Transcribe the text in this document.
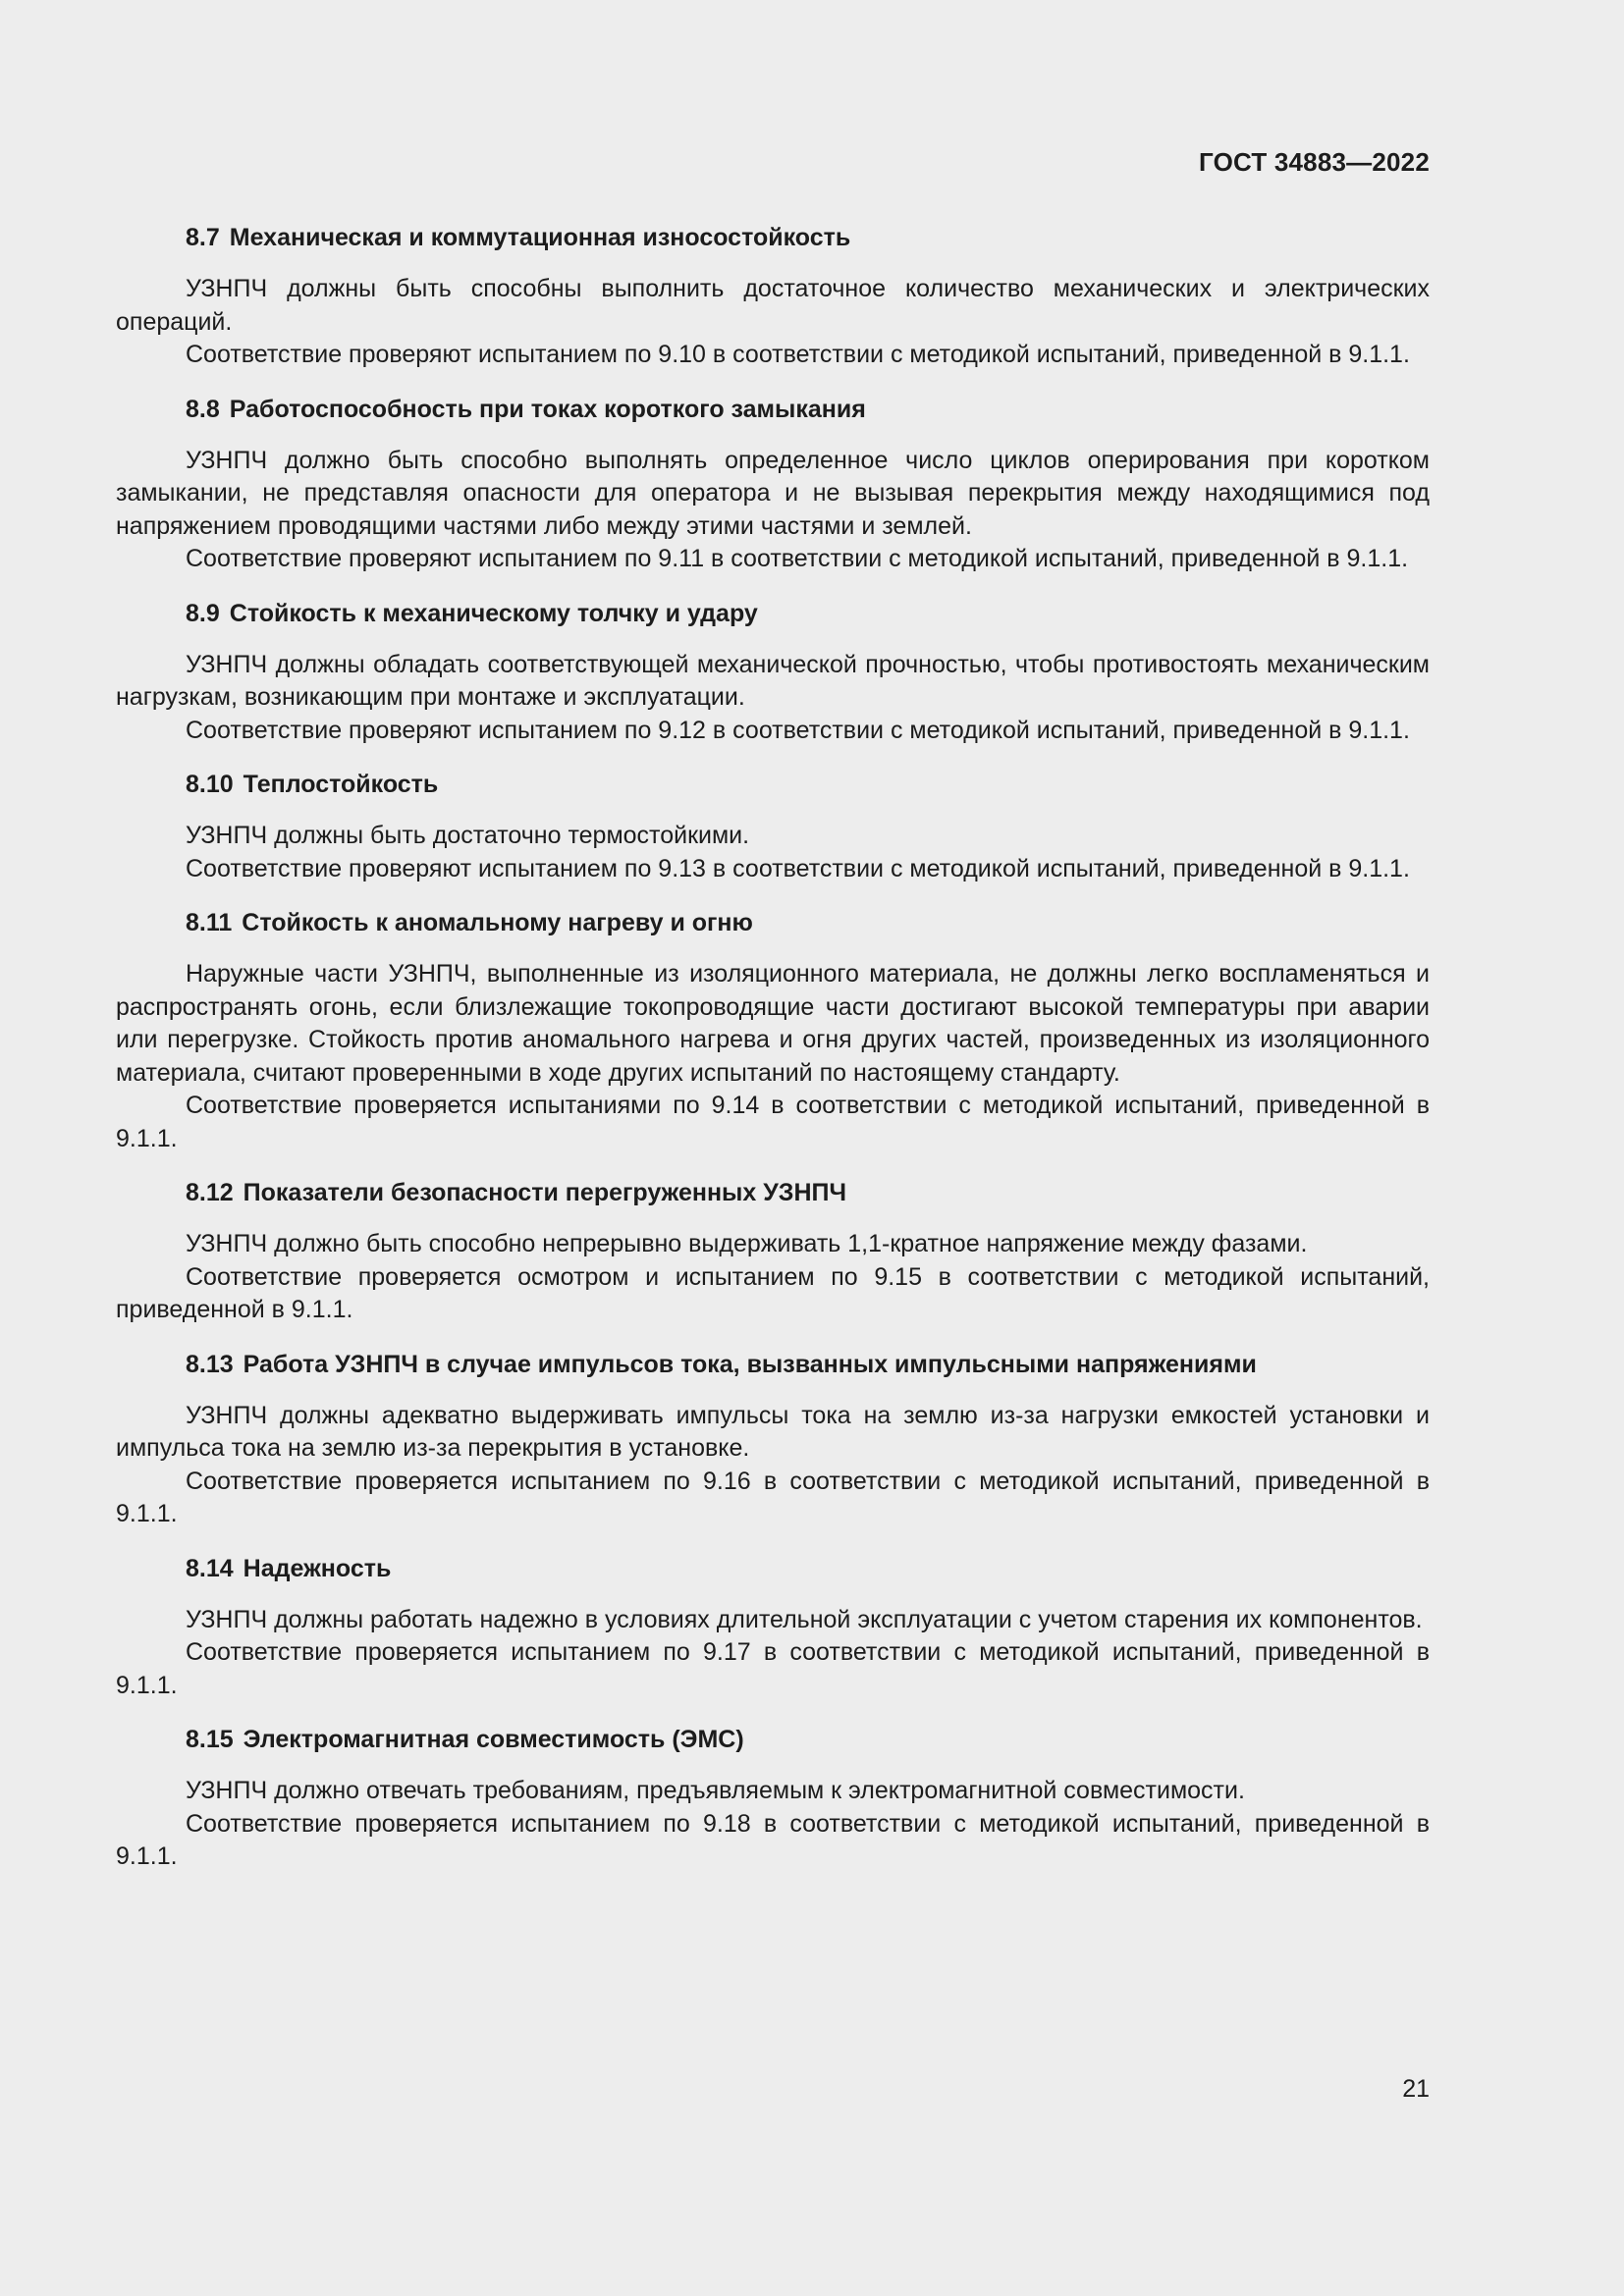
ГОСТ 34883—2022
8.7 Механическая и коммутационная износостойкость

УЗНПЧ должны быть способны выполнить достаточное количество механических и электрических операций.

Соответствие проверяют испытанием по 9.10 в соответствии с методикой испытаний, приведенной в 9.1.1.

8.8 Работоспособность при токах короткого замыкания

УЗНПЧ должно быть способно выполнять определенное число циклов оперирования при коротком замыкании, не представляя опасности для оператора и не вызывая перекрытия между находящимися под напряжением проводящими частями либо между этими частями и землей.

Соответствие проверяют испытанием по 9.11 в соответствии с методикой испытаний, приведенной в 9.1.1.

8.9 Стойкость к механическому толчку и удару

УЗНПЧ должны обладать соответствующей механической прочностью, чтобы противостоять механическим нагрузкам, возникающим при монтаже и эксплуатации.

Соответствие проверяют испытанием по 9.12 в соответствии с методикой испытаний, приведенной в 9.1.1.

8.10 Теплостойкость

УЗНПЧ должны быть достаточно термостойкими.

Соответствие проверяют испытанием по 9.13 в соответствии с методикой испытаний, приведенной в 9.1.1.

8.11 Стойкость к аномальному нагреву и огню

Наружные части УЗНПЧ, выполненные из изоляционного материала, не должны легко воспламеняться и распространять огонь, если близлежащие токопроводящие части достигают высокой температуры при аварии или перегрузке. Стойкость против аномального нагрева и огня других частей, произведенных из изоляционного материала, считают проверенными в ходе других испытаний по настоящему стандарту.

Соответствие проверяется испытаниями по 9.14 в соответствии с методикой испытаний, приведенной в 9.1.1.

8.12 Показатели безопасности перегруженных УЗНПЧ

УЗНПЧ должно быть способно непрерывно выдерживать 1,1-кратное напряжение между фазами.

Соответствие проверяется осмотром и испытанием по 9.15 в соответствии с методикой испытаний, приведенной в 9.1.1.

8.13 Работа УЗНПЧ в случае импульсов тока, вызванных импульсными напряжениями

УЗНПЧ должны адекватно выдерживать импульсы тока на землю из-за нагрузки емкостей установки и импульса тока на землю из-за перекрытия в установке.

Соответствие проверяется испытанием по 9.16 в соответствии с методикой испытаний, приведенной в 9.1.1.

8.14 Надежность

УЗНПЧ должны работать надежно в условиях длительной эксплуатации с учетом старения их компонентов.

Соответствие проверяется испытанием по 9.17 в соответствии с методикой испытаний, приведенной в 9.1.1.

8.15 Электромагнитная совместимость (ЭМС)

УЗНПЧ должно отвечать требованиям, предъявляемым к электромагнитной совместимости.

Соответствие проверяется испытанием по 9.18 в соответствии с методикой испытаний, приведенной в 9.1.1.

21
